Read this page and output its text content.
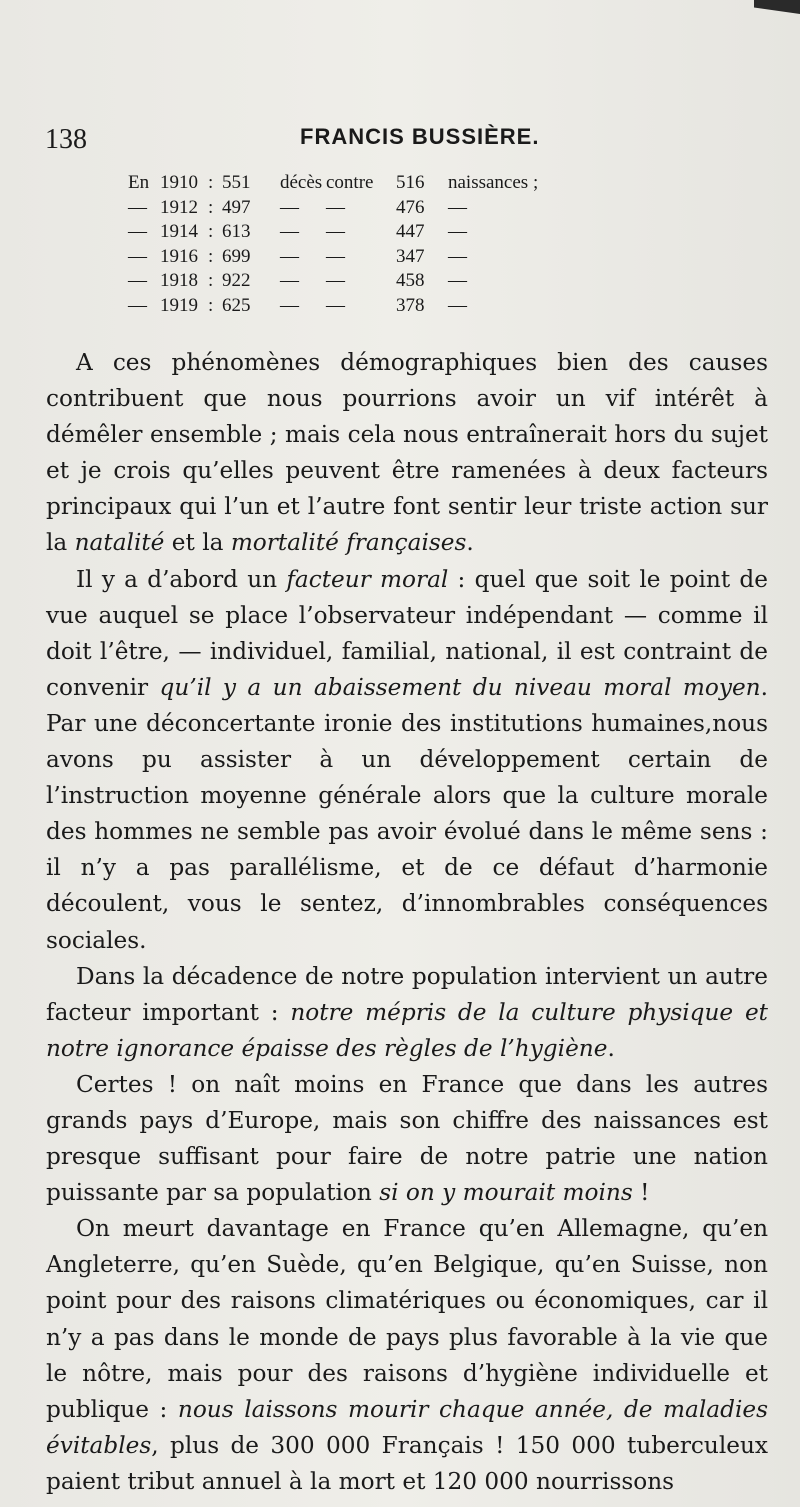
138	FRANCIS BUSSIÈRE.
En 1910 : 551 décès contre 516 naissances ;
— 1912 : 497 — —	476 —
— 1914 : 613 — —	447 —
— 1916 : 699 — —	347 —
— 1918 : 922 — —	458 —
— 1919 : 625 — —	378 —

A ces phénomènes démographiques bien des causes contribuent que nous pourrions avoir un vif intérêt à démêler ensemble ; mais cela nous entraînerait hors du sujet et je crois qu’elles peuvent être ramenées à deux facteurs principaux qui l’un et l’autre font sentir leur triste action sur la natalité et la mortalité françaises.

Il y a d’abord un facteur moral : quel que soit le point de vue auquel se place l’observateur indépendant — comme il doit l’être, — individuel, familial, national, il est contraint de convenir qu’il y a un abaissement du niveau moral moyen. Par une déconcertante ironie des institutions humaines,nous avons pu assister à un développement certain de l’instruction moyenne générale alors que la culture morale des hommes ne semble pas avoir évolué dans le même sens : il n’y a pas parallélisme, et de ce défaut d’harmonie découlent, vous le sentez, d’innombrables conséquences sociales.

Dans la décadence de notre population intervient un autre facteur important : notre mépris de la culture physique et notre ignorance épaisse des règles de l’hygiène.

Certes ! on naît moins en France que dans les autres grands pays d’Europe, mais son chiffre des naissances est presque suffisant pour faire de notre patrie une nation puissante par sa population si on y mourait moins !

On meurt davantage en France qu’en Allemagne, qu’en Angleterre, qu’en Suède, qu’en Belgique, qu’en Suisse, non point pour des raisons climatériques ou économiques, car il n’y a pas dans le monde de pays plus favorable à la vie que le nôtre, mais pour des raisons d’hygiène individuelle et publique : nous laissons mourir chaque année, de maladies évitables, plus de 300 000 Français ! 150 000 tuberculeux paient tribut annuel à la mort et 120 000 nourrissons
